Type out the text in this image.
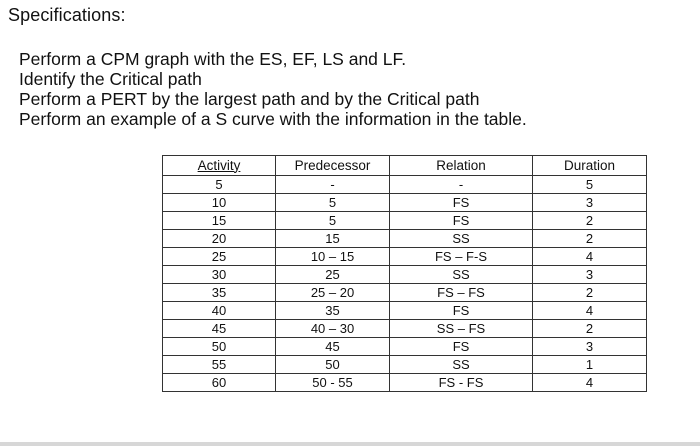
Specifications:
Perform a CPM graph with the ES, EF, LS and LF.
Identify the Critical path
Perform a PERT by the largest path and by the Critical path
Perform an example of a S curve with the information in the table.
Activity	Predecessor	Relation	Duration
5	-	-	5
10	5	FS	3
15	5	FS	2
20	15	SS	2
25	10 – 15	FS – F-S	4
30	25	SS	3
35	25 – 20	FS – FS	2
40	35	FS	4
45	40 – 30	SS – FS	2
50	45	FS	3
55	50	SS	1
60	50 - 55	FS - FS	4
